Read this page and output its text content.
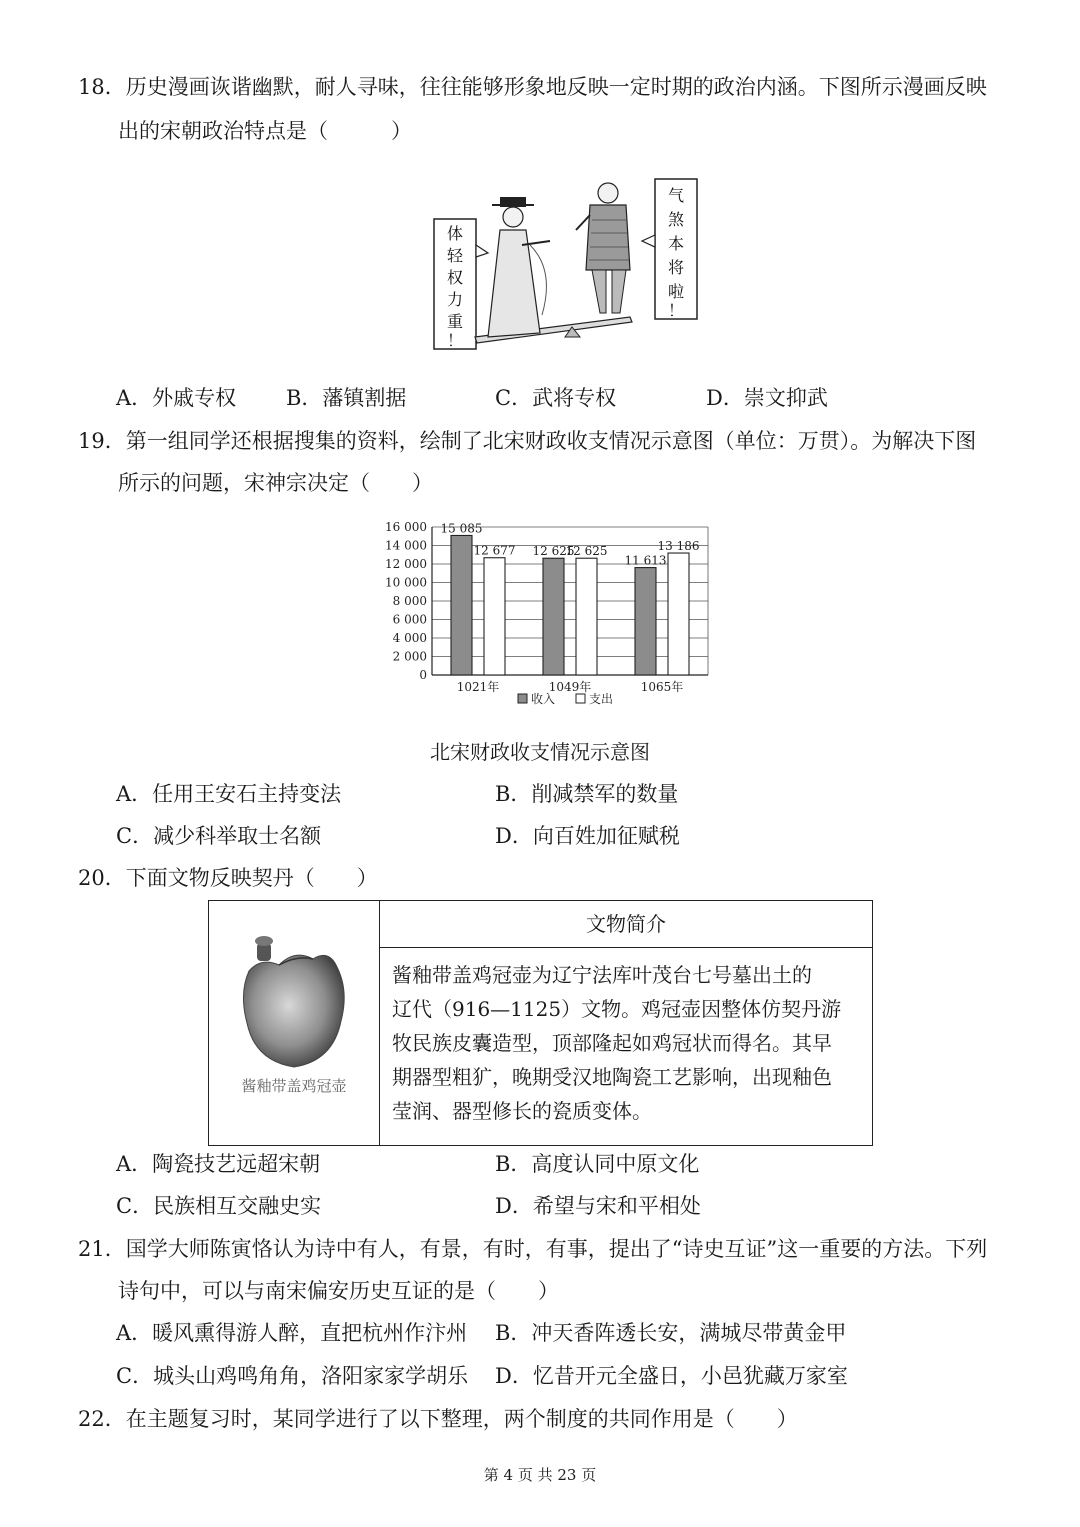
18．历史漫画诙谐幽默，耐人寻味，往往能够形象地反映一定时期的政治内涵。下图所示漫画反映
出的宋朝政治特点是（　　　）
体
轻
权
力
重
！
气
煞
本
将
啦
！
A．外戚专权 B．藩镇割据	C．武将专权	D．崇文抑武
19．第一组同学还根据搜集的资料，绘制了北宋财政收支情况示意图（单位：万贯）。为解决下图
所示的问题，宋神宗决定（　　）
0
2 000
4 000
6 000
8 000
10 000
12 000
14 000
16 000 15 085
12 677 12 625
12 625
11 613
13 186
1021年	1049年	1065年
收入	支出
北宋财政收支情况示意图
A．任用王安石主持变法	B．削减禁军的数量
C．减少科举取士名额	D．向百姓加征赋税
20．下面文物反映契丹（　　）
酱釉带盖鸡冠壶
	文物简介

酱釉带盖鸡冠壶为辽宁法库叶茂台七号墓出土的
辽代（916—1125）文物。鸡冠壶因整体仿契丹游
牧民族皮囊造型，顶部隆起如鸡冠状而得名。其早
期器型粗犷，晚期受汉地陶瓷工艺影响，出现釉色
莹润、器型修长的瓷质变体。
A．陶瓷技艺远超宋朝	B．高度认同中原文化
C．民族相互交融史实	D．希望与宋和平相处
21．国学大师陈寅恪认为诗中有人，有景，有时，有事，提出了“诗史互证”这一重要的方法。下列
诗句中，可以与南宋偏安历史互证的是（　　）
A．暖风熏得游人醉，直把杭州作汴州 B．冲天香阵透长安，满城尽带黄金甲
C．城头山鸡鸣角角，洛阳家家学胡乐 D．忆昔开元全盛日，小邑犹藏万家室
22．在主题复习时，某同学进行了以下整理，两个制度的共同作用是（　　）
第 4 页 共 23 页
